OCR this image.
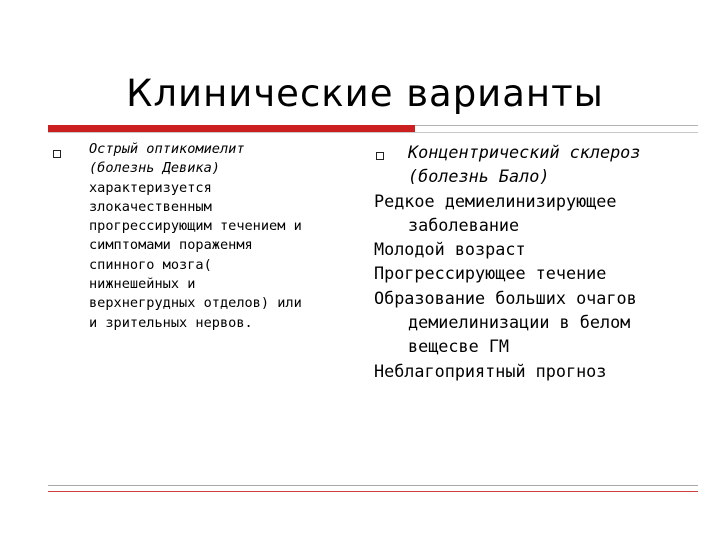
Клинические варианты
Острый оптикомиелит
(болезнь Девика)
характеризуется
злокачественным
прогрессирующим течением и
симптомами пораженмя
спинного мозга(
нижнешейных и
верхнегрудных отделов) или
и зрительных нервов.
Концентрический склероз
(болезнь Бало)
Редкое демиелинизирующее заболевание
Молодой возраст
Прогрессирующее течение
Образование больших очагов демиелинизации в белом вещесве ГМ
Неблагоприятный прогноз
